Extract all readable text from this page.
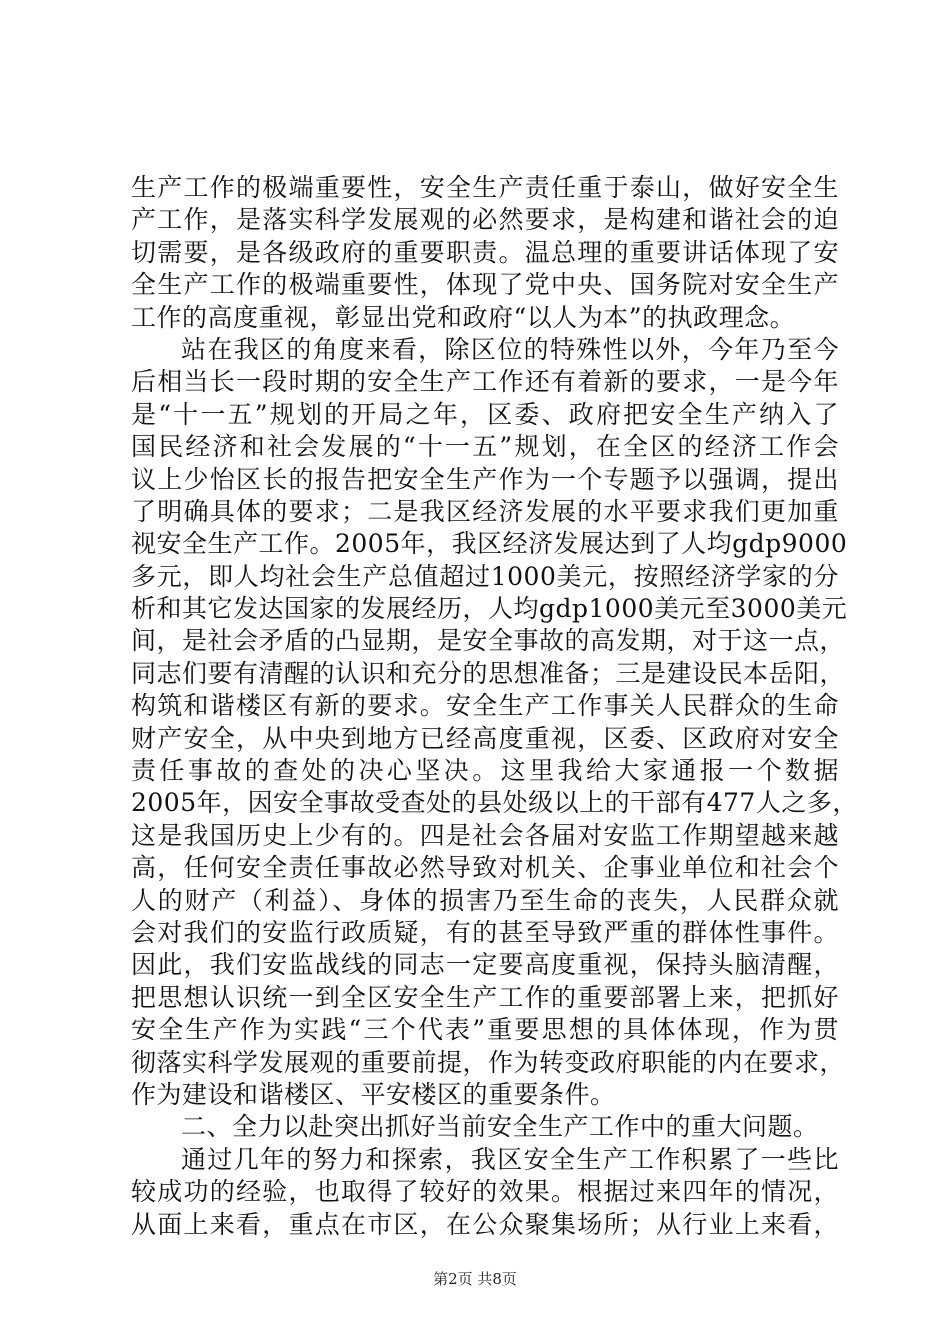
生产工作的极端重要性，安全生产责任重于泰山，做好安全生
产工作，是落实科学发展观的必然要求，是构建和谐社会的迫
切需要，是各级政府的重要职责。温总理的重要讲话体现了安
全生产工作的极端重要性，体现了党中央、国务院对安全生产
工作的高度重视，彰显出党和政府“以人为本”的执政理念。
站在我区的角度来看，除区位的特殊性以外，今年乃至今
后相当长一段时期的安全生产工作还有着新的要求，一是今年
是“十一五”规划的开局之年，区委、政府把安全生产纳入了
国民经济和社会发展的“十一五”规划，在全区的经济工作会
议上少怡区长的报告把安全生产作为一个专题予以强调，提出
了明确具体的要求；二是我区经济发展的水平要求我们更加重
视安全生产工作。2005年，我区经济发展达到了人均gdp9000
多元，即人均社会生产总值超过1000美元，按照经济学家的分
析和其它发达国家的发展经历，人均gdp1000美元至3000美元
间，是社会矛盾的凸显期，是安全事故的高发期，对于这一点，
同志们要有清醒的认识和充分的思想准备；三是建设民本岳阳，
构筑和谐楼区有新的要求。安全生产工作事关人民群众的生命
财产安全，从中央到地方已经高度重视，区委、区政府对安全
责任事故的查处的决心坚决。这里我给大家通报一个数据
2005年，因安全事故受查处的县处级以上的干部有477人之多，
这是我国历史上少有的。四是社会各届对安监工作期望越来越
高，任何安全责任事故必然导致对机关、企事业单位和社会个
人的财产（利益）、身体的损害乃至生命的丧失，人民群众就
会对我们的安监行政质疑，有的甚至导致严重的群体性事件。
因此，我们安监战线的同志一定要高度重视，保持头脑清醒，
把思想认识统一到全区安全生产工作的重要部署上来，把抓好
安全生产作为实践“三个代表”重要思想的具体体现，作为贯
彻落实科学发展观的重要前提，作为转变政府职能的内在要求，
作为建设和谐楼区、平安楼区的重要条件。
二、全力以赴突出抓好当前安全生产工作中的重大问题。
通过几年的努力和探索，我区安全生产工作积累了一些比
较成功的经验，也取得了较好的效果。根据过来四年的情况，
从面上来看，重点在市区，在公众聚集场所；从行业上来看，
第2页 共8页
